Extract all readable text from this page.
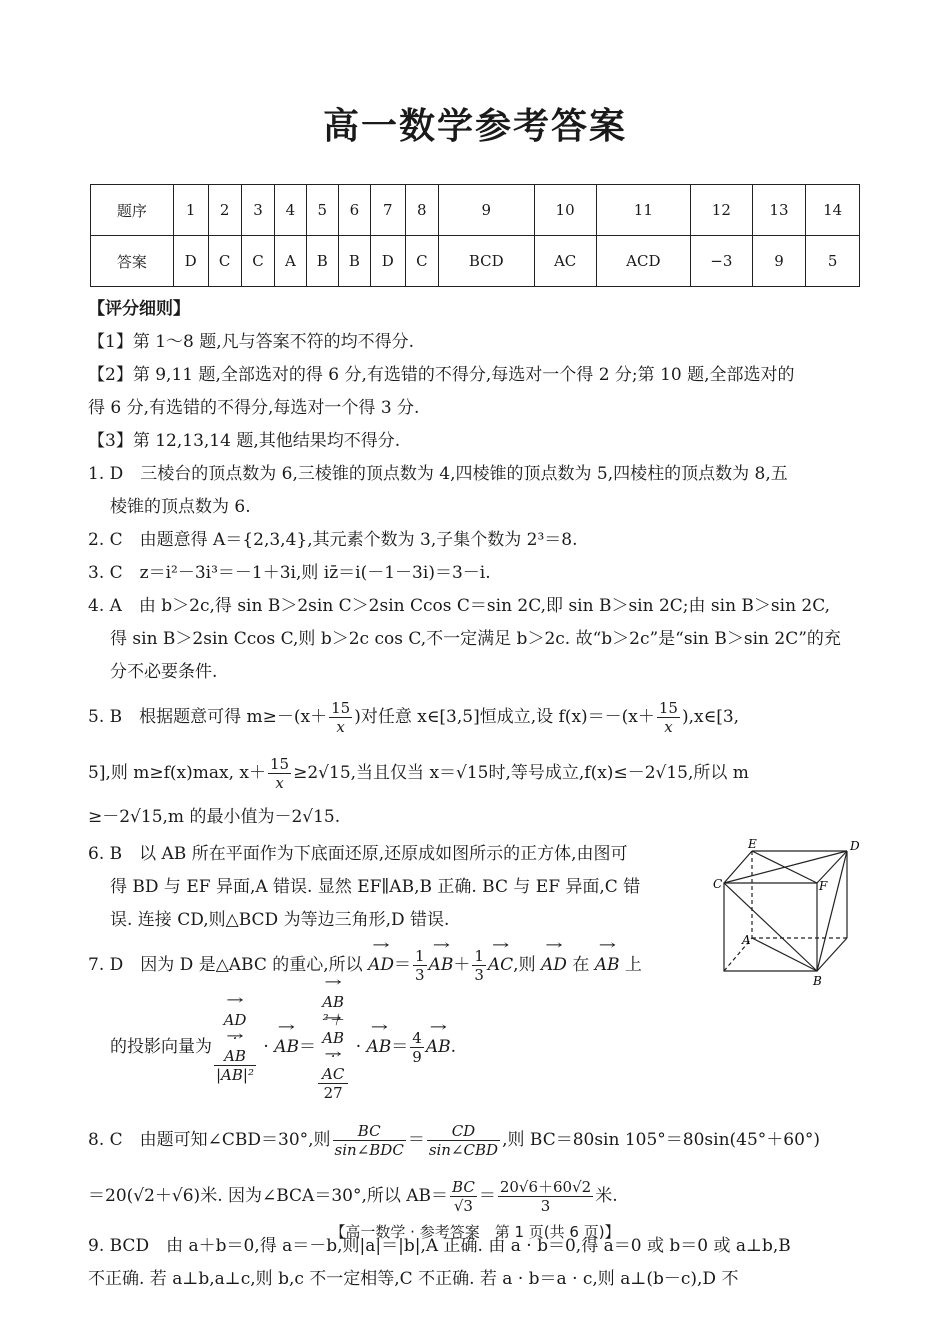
高一数学参考答案
题序	1	2	3	4	5	6	7	8	9	10	11	12	13	14
答案	D	C	C	A	B	B	D	C	BCD	AC	ACD	−3	9	5
【评分细则】
【1】第 1～8 题,凡与答案不符的均不得分.
【2】第 9,11 题,全部选对的得 6 分,有选错的不得分,每选对一个得 2 分;第 10 题,全部选对的
得 6 分,有选错的不得分,每选对一个得 3 分.
【3】第 12,13,14 题,其他结果均不得分.
1. D　三棱台的顶点数为 6,三棱锥的顶点数为 4,四棱锥的顶点数为 5,四棱柱的顶点数为 8,五
棱锥的顶点数为 6.
2. C　由题意得 A＝{2,3,4},其元素个数为 3,子集个数为 2³＝8.
3. C　z＝i²－3i³＝－1＋3i,则 iz̄＝i(－1－3i)＝3－i.
4. A　由 b＞2c,得 sin B＞2sin C＞2sin Ccos C＝sin 2C,即 sin B＞sin 2C;由 sin B＞sin 2C,
得 sin B＞2sin Ccos C,则 b＞2c cos C,不一定满足 b＞2c. 故“b＞2c”是“sin B＞sin 2C”的充
分不必要条件.
5. B　根据题意可得 $m\ge-(x+ \frac{15}{x}$ )对任意 x∈[3,5]恒成立,设 $f(x)=-(x+ \frac{15}{x}$ ),x∈[3,
5],则 m≥f(x)max, $x+ \frac{15}{x} \ge 2√15$,当且仅当 x＝√15时,等号成立,f(x)≤－2√15,所以 m
≥－2√15,m 的最小值为－2√15.
6. B　以 AB 所在平面作为下底面还原,还原成如图所示的正方体,由图可
得 BD 与 EF 异面,A 错误. 显然 EF∥AB,B 正确. BC 与 EF 异面,C 错
误. 连接 CD,则△BCD 为等边三角形,D 错误.
7. D　因为 D 是△ABC 的重心,所以 → $AD= \frac{1}{3} \to AB+ \frac{1}{3}$ → AC,则 → AD 在 → AB 上
的投影向量为 → AD
·
→ AB
|AB|² · → AB＝ → AB
²＋
→ AB
·
→ AC
27 · → $AB= \frac{4}{9}$ → AB.
8. C　由题可知∠CBD＝30°,则 $\frac{BC}{\text{sin∠BDC}} = \frac{CD}{\text{sin∠CBD}}$ ,则 BC＝80sin 105°＝80sin(45°＋60°)
＝20(√2＋√6)米. 因为∠BCA＝30°,所以 $AB= \frac{BC}{√3} = \frac{20√6+60√2}{3}$ 米.
9. BCD　由 a＋b＝0,得 a＝－b,则|a|＝|b|,A 正确. 由 a · b＝0,得 a＝0 或 b＝0 或 a⊥b,B
不正确. 若 a⊥b,a⊥c,则 b,c 不一定相等,C 不正确. 若 a · b＝a · c,则 a⊥(b－c),D 不
E	D
C	F
A
B
【高一数学 · 参考答案　第 1 页(共 6 页)】
